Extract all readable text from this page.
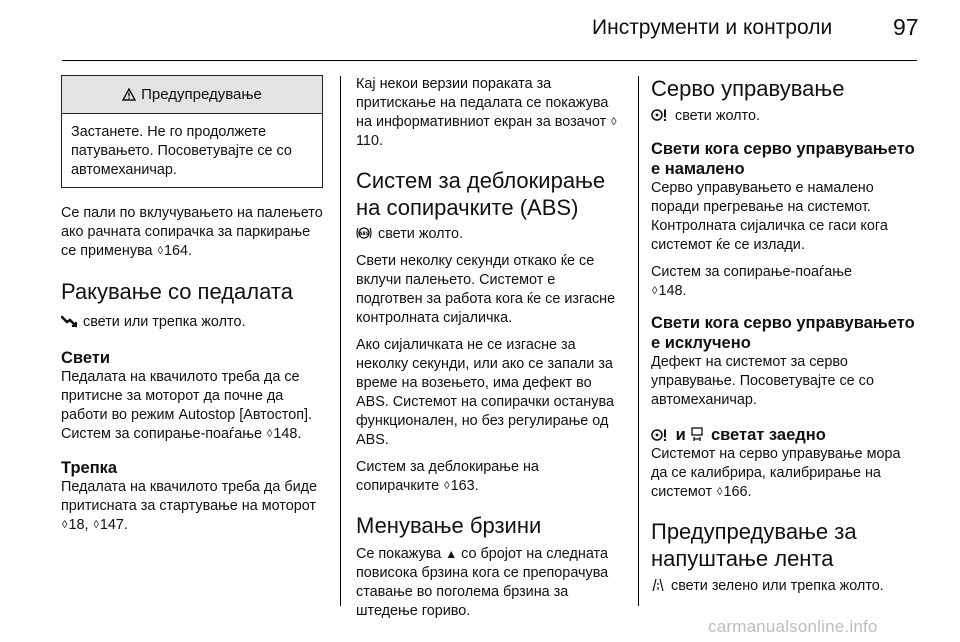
Инструменти и контроли	97
Предупредување
Застанете. Не го продолжете патувањето. Посоветувајте се со автомеханичар.

Се пали по вклучувањето на палењето ако рачната сопирачка за паркирање се применува ◊164.

Ракување со педалата

свети или трепка жолто.

Свети

Педалата на квачилото треба да се притисне за моторот да почне да работи во режим Autostop [Автостоп]. Систем за сопирање-поаѓање ◊148.

Трепка

Педалата на квачилото треба да биде притисната за стартување на моторот ◊18, ◊147.

Кај некои верзии пораката за притискање на педалата се покажува на информативниот екран за возачот ◊110.

Систем за деблокирање на сопирачките (ABS)

ABS свети жолто.

Свети неколку секунди откако ќе се вклучи палењето. Системот е подготвен за работа кога ќе се изгасне контролната сијаличка.

Ако сијаличката не се изгасне за неколку секунди, или ако се запали за време на возењето, има дефект во ABS. Системот на сопирачки останува функционален, но без регулирање од ABS.

Систем за деблокирање на сопирачките ◊163.

Менување брзини

Се покажува ▲ со бројот на следната повисока брзина кога се препорачува ставање во поголема брзина за штедење гориво.

Серво управување

свети жолто.

Свети кога серво управувањето е намалено

Серво управувањето е намалено поради прегревање на системот. Контролната сијаличка се гаси кога системот ќе се излади.

Систем за сопирање-поаѓање
◊148.

Свети кога серво управувањето е исклучено

Дефект на системот за серво управување. Посоветувајте се со автомеханичар.

и светат заедно

Системот на серво управување мора да се калибрира, калибрирање на системот ◊166.

Предупредување за напуштање лента

свети зелено или трепка жолто.

carmanualsonline.info
